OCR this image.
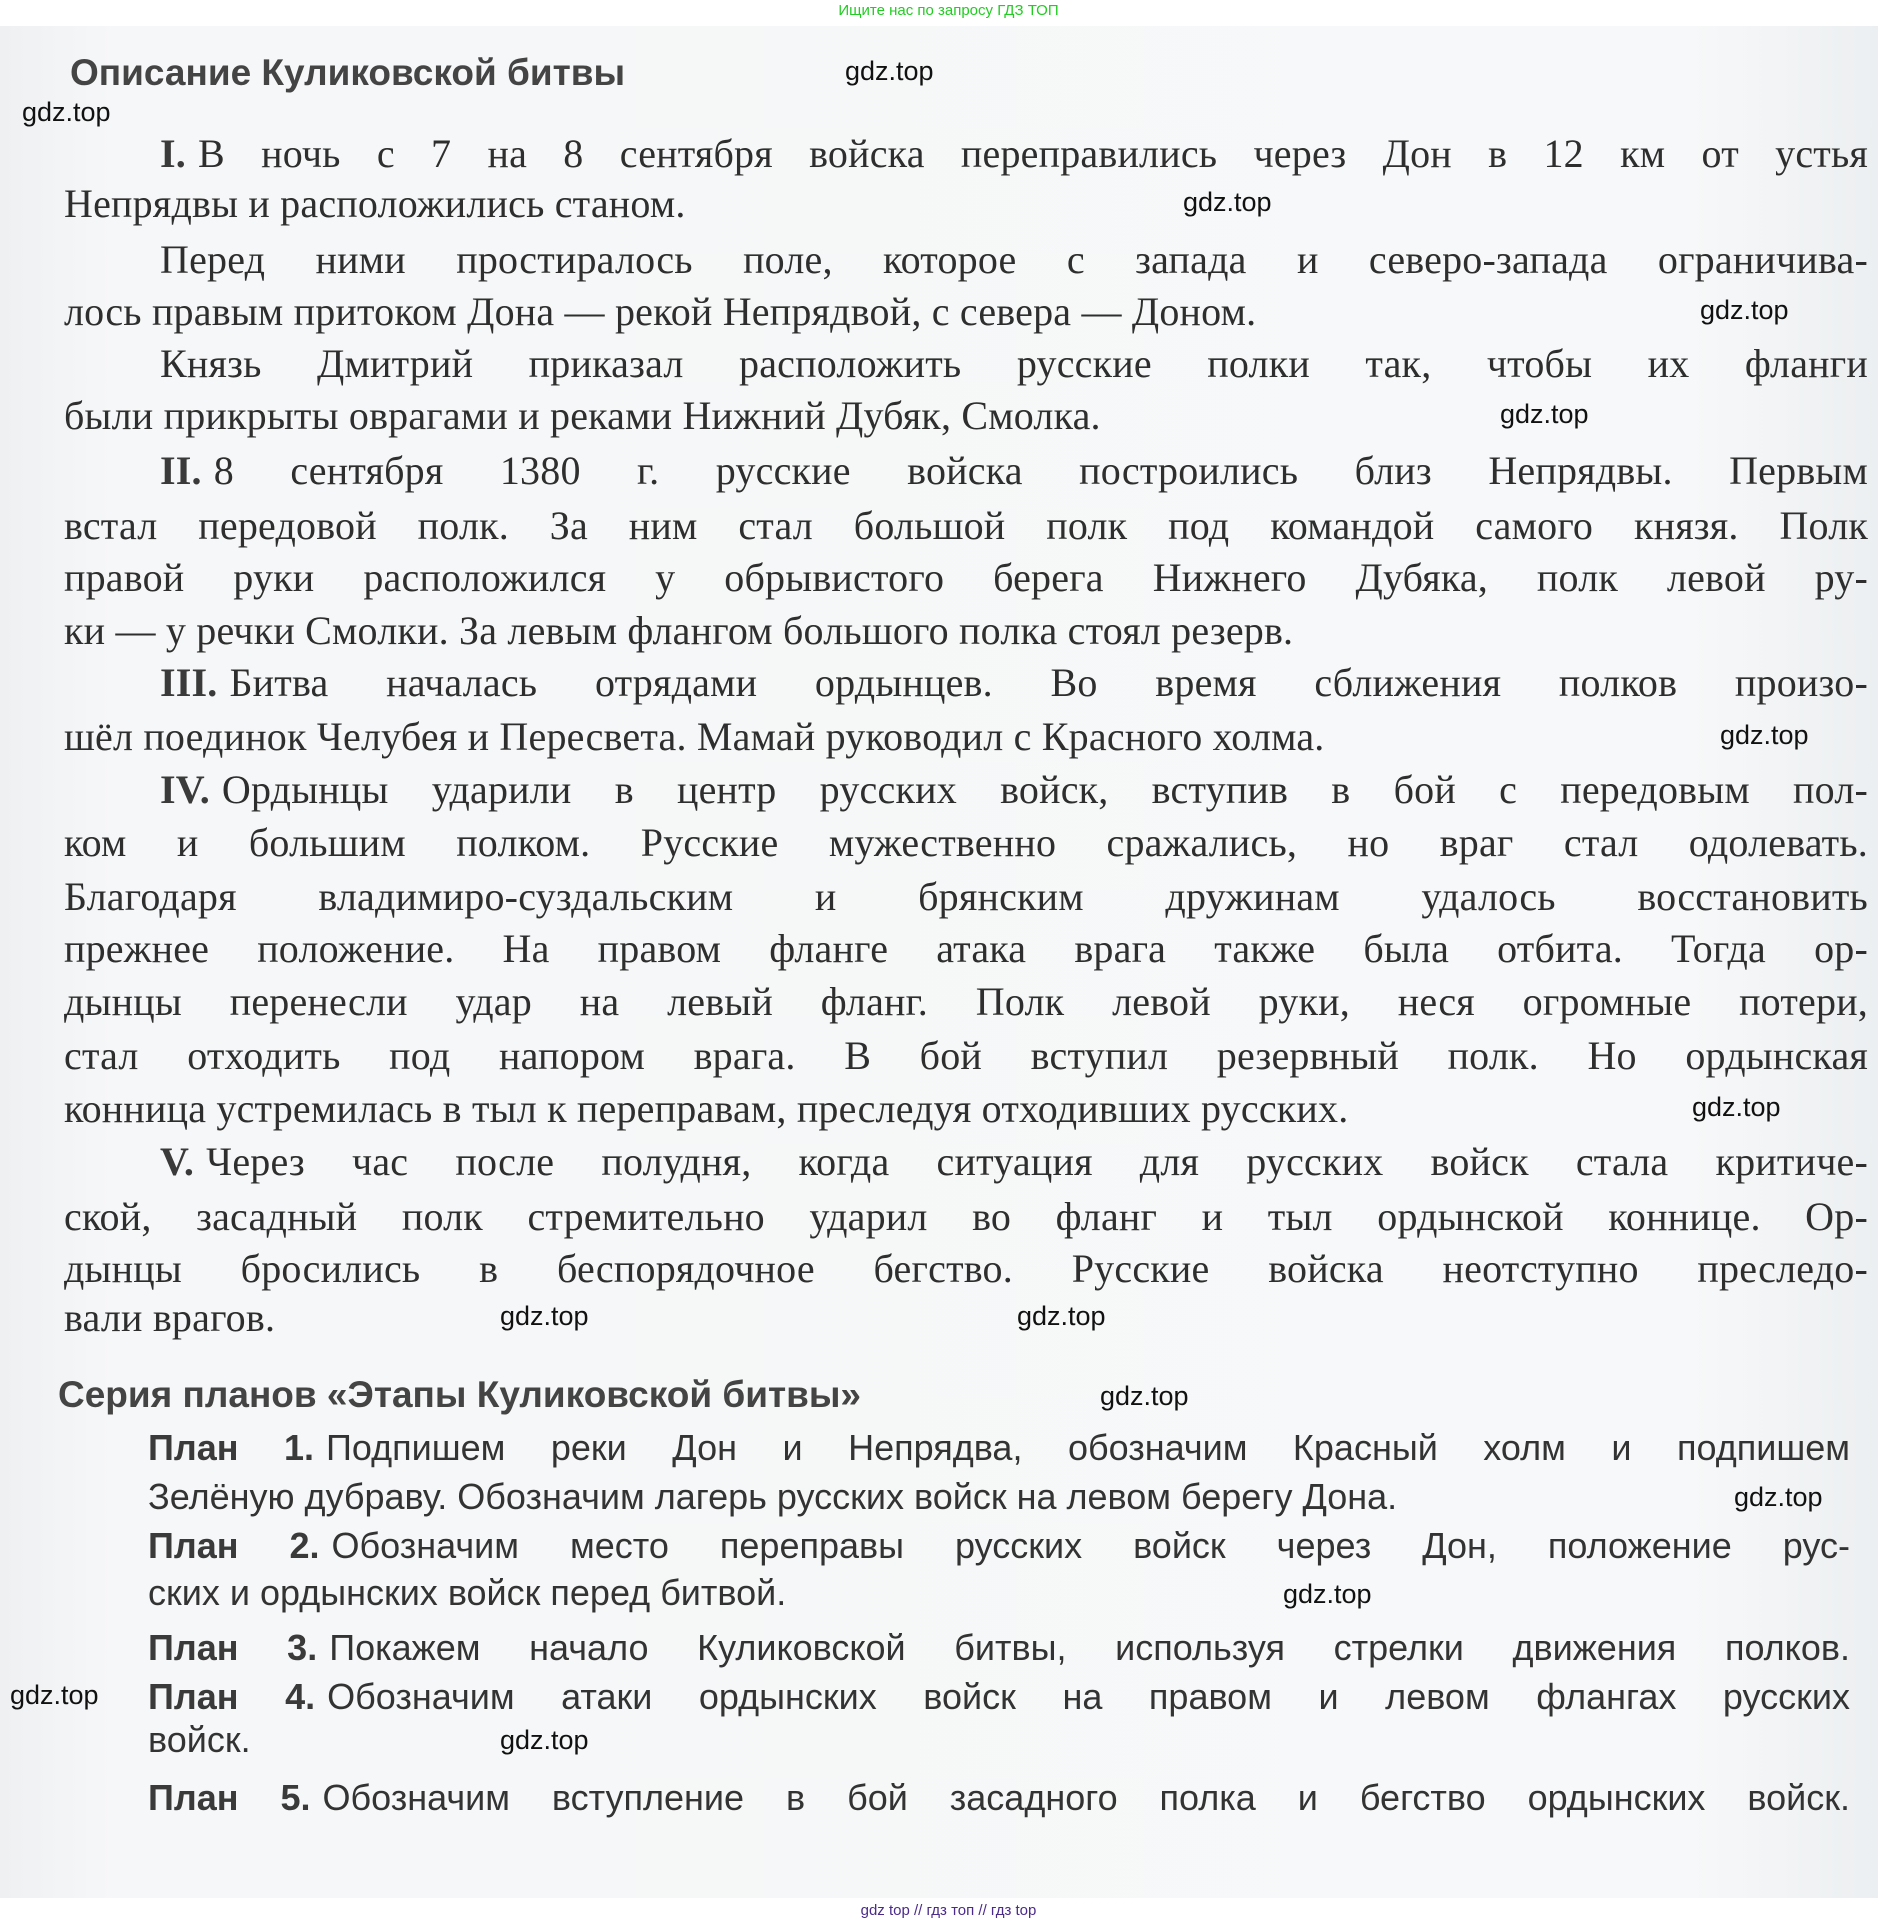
Ищите нас по запросу ГДЗ ТОП
Описание Куликовской битвы
Серия планов «Этапы Куликовской битвы»
I. В ночь с 7 на 8 сентября войска переправились через Дон в 12 км от устья
Непрядвы и расположились станом.
Перед ними простиралось поле, которое с запада и северо-запада ограничива-
лось правым притоком Дона — рекой Непрядвой, с севера — Доном.
Князь Дмитрий приказал расположить русские полки так, чтобы их фланги
были прикрыты оврагами и реками Нижний Дубяк, Смолка.
II. 8 сентября 1380 г. русские войска построились близ Непрядвы. Первым
встал передовой полк. За ним стал большой полк под командой самого князя. Полк
правой руки расположился у обрывистого берега Нижнего Дубяка, полк левой ру-
ки — у речки Смолки. За левым флангом большого полка стоял резерв.
III. Битва началась отрядами ордынцев. Во время сближения полков произо-
шёл поединок Челубея и Пересвета. Мамай руководил с Красного холма.
IV. Ордынцы ударили в центр русских войск, вступив в бой с передовым пол-
ком и большим полком. Русские мужественно сражались, но враг стал одолевать.
Благодаря владимиро-суздальским и брянским дружинам удалось восстановить
прежнее положение. На правом фланге атака врага также была отбита. Тогда ор-
дынцы перенесли удар на левый фланг. Полк левой руки, неся огромные потери,
стал отходить под напором врага. В бой вступил резервный полк. Но ордынская
конница устремилась в тыл к переправам, преследуя отходивших русских.
V. Через час после полудня, когда ситуация для русских войск стала критиче-
ской, засадный полк стремительно ударил во фланг и тыл ордынской коннице. Ор-
дынцы бросились в беспорядочное бегство. Русские войска неотступно преследо-
вали врагов.
План 1. Подпишем реки Дон и Непрядва, обозначим Красный холм и подпишем
Зелёную дубраву. Обозначим лагерь русских войск на левом берегу Дона.
План 2. Обозначим место переправы русских войск через Дон, положение рус-
ских и ордынских войск перед битвой.
План 3. Покажем начало Куликовской битвы, используя стрелки движения полков.
План 4. Обозначим атаки ордынских войск на правом и левом флангах русских
войск.
План 5. Обозначим вступление в бой засадного полка и бегство ордынских войск.
gdz.top
gdz.top
gdz.top
gdz.top
gdz.top
gdz.top
gdz.top
gdz.top
gdz.top
gdz.top
gdz.top
gdz.top
gdz.top
gdz.top
gdz top // гдз топ // гдз top
